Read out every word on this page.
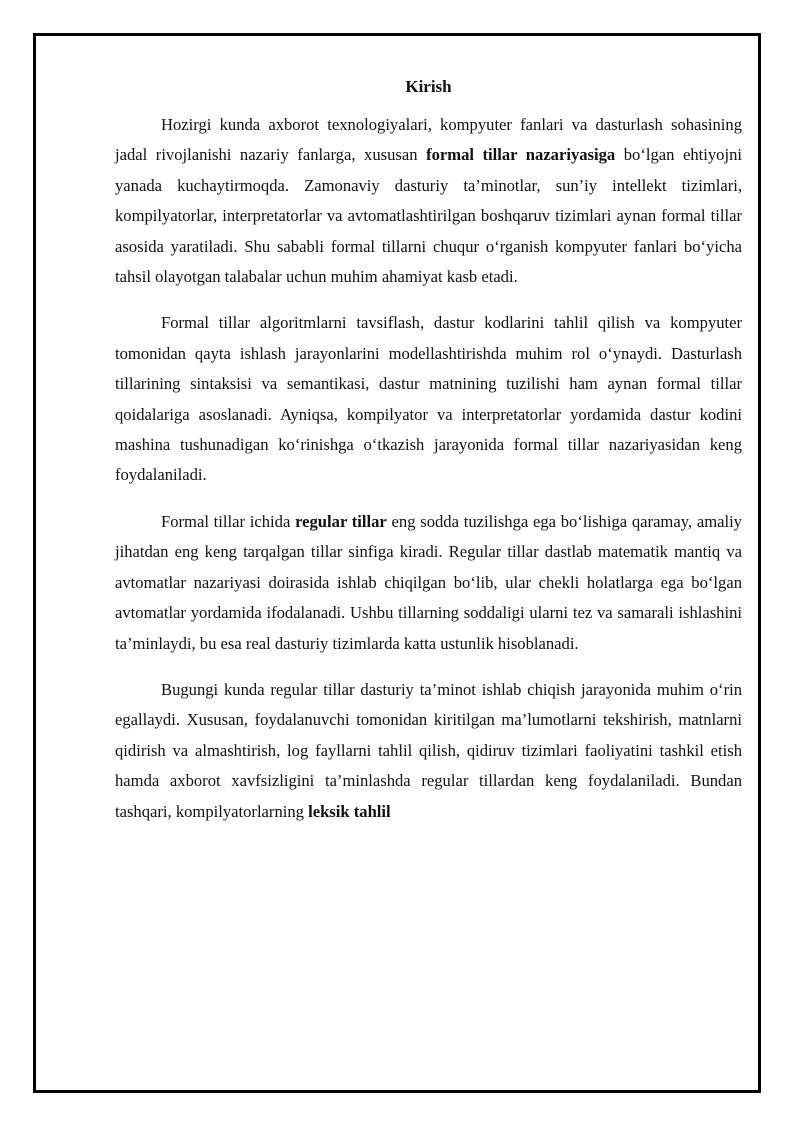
Kirish

Hozirgi kunda axborot texnologiyalari, kompyuter fanlari va dasturlash sohasining jadal rivojlanishi nazariy fanlarga, xususan formal tillar nazariyasiga bo‘lgan ehtiyojni yanada kuchaytirmoqda. Zamonaviy dasturiy ta’minotlar, sun’iy intellekt tizimlari, kompilyatorlar, interpretatorlar va avtomatlashtirilgan boshqaruv tizimlari aynan formal tillar asosida yaratiladi. Shu sababli formal tillarni chuqur o‘rganish kompyuter fanlari bo‘yicha tahsil olayotgan talabalar uchun muhim ahamiyat kasb etadi.

Formal tillar algoritmlarni tavsiflash, dastur kodlarini tahlil qilish va kompyuter tomonidan qayta ishlash jarayonlarini modellashtirishda muhim rol o‘ynaydi. Dasturlash tillarining sintaksisi va semantikasi, dastur matnining tuzilishi ham aynan formal tillar qoidalariga asoslanadi. Ayniqsa, kompilyator va interpretatorlar yordamida dastur kodini mashina tushunadigan ko‘rinishga o‘tkazish jarayonida formal tillar nazariyasidan keng foydalaniladi.

Formal tillar ichida regular tillar eng sodda tuzilishga ega bo‘lishiga qaramay, amaliy jihatdan eng keng tarqalgan tillar sinfiga kiradi. Regular tillar dastlab matematik mantiq va avtomatlar nazariyasi doirasida ishlab chiqilgan bo‘lib, ular chekli holatlarga ega bo‘lgan avtomatlar yordamida ifodalanadi. Ushbu tillarning soddaligi ularni tez va samarali ishlashini ta’minlaydi, bu esa real dasturiy tizimlarda katta ustunlik hisoblanadi.

Bugungi kunda regular tillar dasturiy ta’minot ishlab chiqish jarayonida muhim o‘rin egallaydi. Xususan, foydalanuvchi tomonidan kiritilgan ma’lumotlarni tekshirish, matnlarni qidirish va almashtirish, log fayllarni tahlil qilish, qidiruv tizimlari faoliyatini tashkil etish hamda axborot xavfsizligini ta’minlashda regular tillardan keng foydalaniladi. Bundan tashqari, kompilyatorlarning leksik tahlil
